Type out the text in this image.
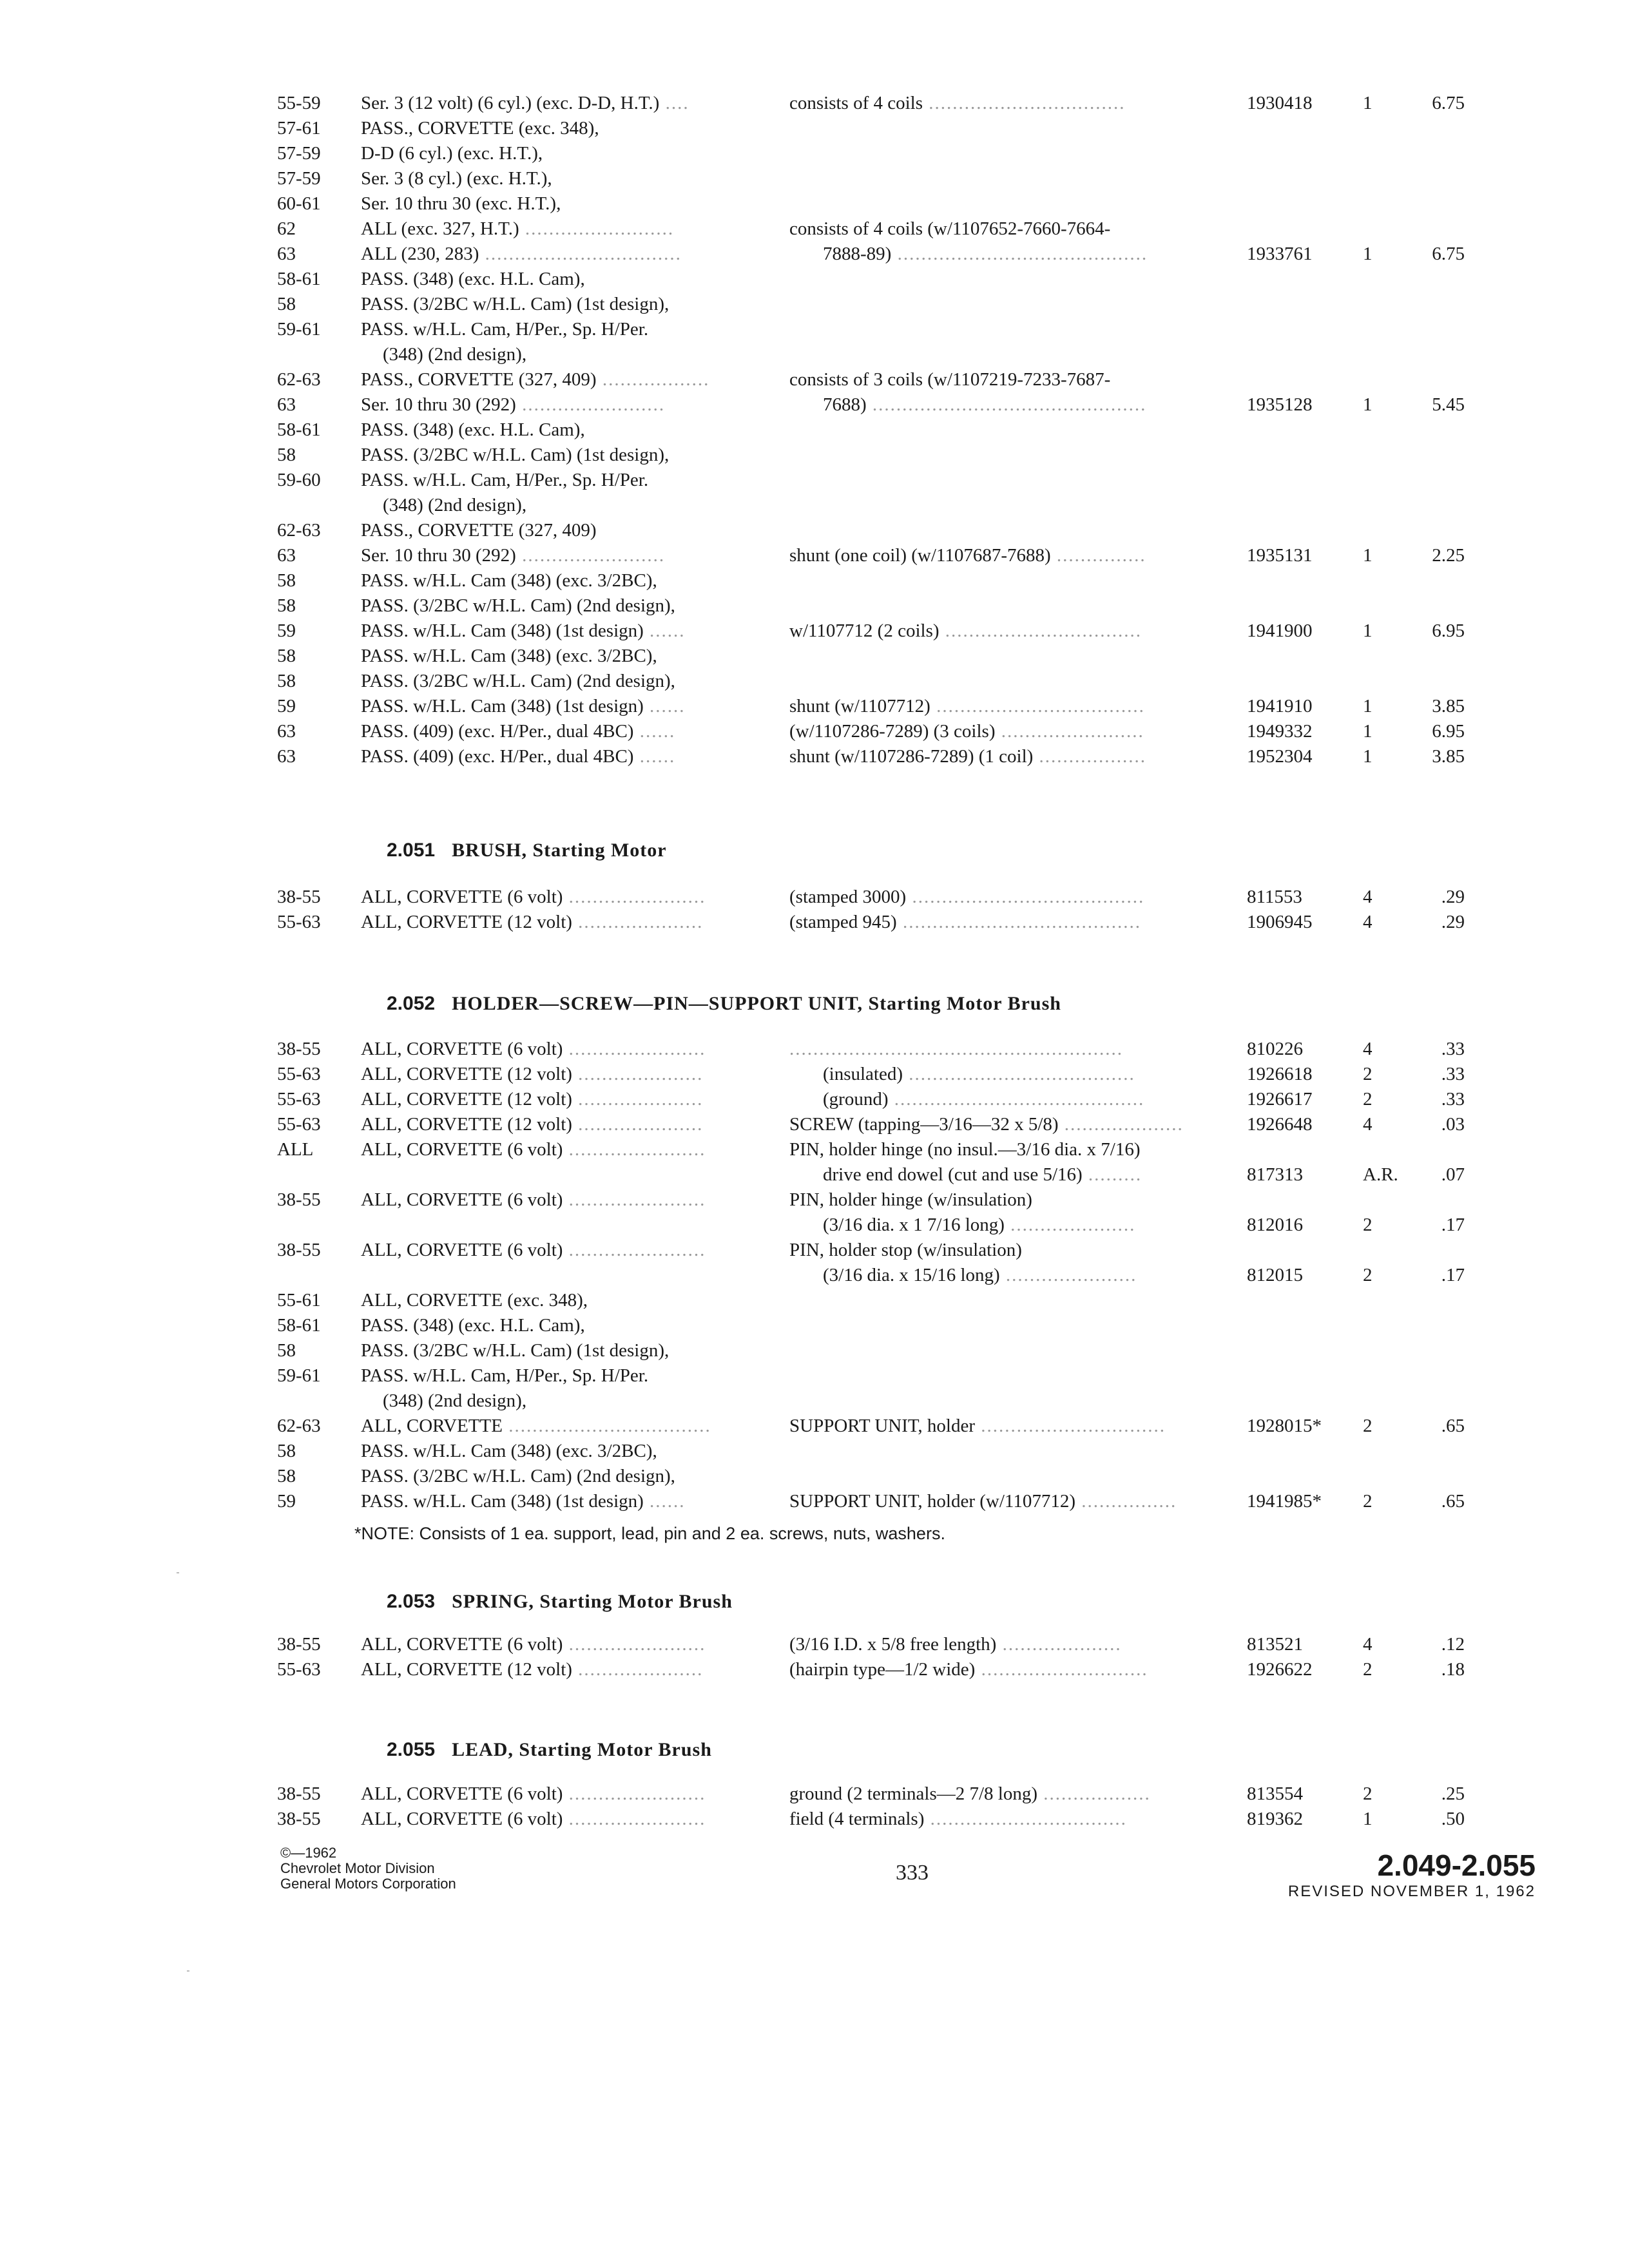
55-59 Ser. 3 (12 volt) (6 cyl.) (exc. D-D, H.T.) ....	consists of 4 coils .................................	1930418	1	6.75
57-61 PASS., CORVETTE (exc. 348),
57-59 D-D (6 cyl.) (exc. H.T.),
57-59 Ser. 3 (8 cyl.) (exc. H.T.),
60-61 Ser. 10 thru 30 (exc. H.T.),
62	ALL (exc. 327, H.T.) .........................	consists of 4 coils (w/1107652-7660-7664-
63	ALL (230, 283) .................................	7888-89) ..........................................	1933761	1	6.75
58-61 PASS. (348) (exc. H.L. Cam),
58	PASS. (3/2BC w/H.L. Cam) (1st design),
59-61 PASS. w/H.L. Cam, H/Per., Sp. H/Per.
(348) (2nd design),
62-63 PASS., CORVETTE (327, 409) ..................	consists of 3 coils (w/1107219-7233-7687-
63	Ser. 10 thru 30 (292) ........................	7688) ..............................................	1935128	1	5.45
58-61 PASS. (348) (exc. H.L. Cam),
58	PASS. (3/2BC w/H.L. Cam) (1st design),
59-60 PASS. w/H.L. Cam, H/Per., Sp. H/Per.
(348) (2nd design),
62-63 PASS., CORVETTE (327, 409)
63	Ser. 10 thru 30 (292) ........................	shunt (one coil) (w/1107687-7688) ...............	1935131	1	2.25
58	PASS. w/H.L. Cam (348) (exc. 3/2BC),
58	PASS. (3/2BC w/H.L. Cam) (2nd design),
59	PASS. w/H.L. Cam (348) (1st design) ......	w/1107712 (2 coils) .................................	1941900	1	6.95
58	PASS. w/H.L. Cam (348) (exc. 3/2BC),
58	PASS. (3/2BC w/H.L. Cam) (2nd design),
59	PASS. w/H.L. Cam (348) (1st design) ......	shunt (w/1107712) ...................................	1941910	1	3.85
63	PASS. (409) (exc. H/Per., dual 4BC) ......	(w/1107286-7289) (3 coils) ........................	1949332	1	6.95
63	PASS. (409) (exc. H/Per., dual 4BC) ......	shunt (w/1107286-7289) (1 coil) ..................	1952304	1	3.85
2.051 BRUSH, Starting Motor
38-55 ALL, CORVETTE (6 volt) .......................	(stamped 3000) .......................................	811553	4	.29
55-63 ALL, CORVETTE (12 volt) .....................	(stamped 945) ........................................	1906945	4	.29
2.052 HOLDER—SCREW—PIN—SUPPORT UNIT, Starting Motor Brush
38-55 ALL, CORVETTE (6 volt) .......................	........................................................	810226	4	.33
55-63 ALL, CORVETTE (12 volt) .....................	(insulated) ......................................	1926618	2	.33
55-63 ALL, CORVETTE (12 volt) .....................	(ground) ..........................................	1926617	2	.33
55-63 ALL, CORVETTE (12 volt) .....................	SCREW (tapping—3/16—32 x 5/8) ....................	1926648	4	.03
ALL	ALL, CORVETTE (6 volt) .......................	PIN, holder hinge (no insul.—3/16 dia. x 7/16)
drive end dowel (cut and use 5/16) .........	817313	A.R. .07
38-55 ALL, CORVETTE (6 volt) .......................	PIN, holder hinge (w/insulation)
(3/16 dia. x 1 7/16 long) .....................	812016	2	.17
38-55 ALL, CORVETTE (6 volt) .......................	PIN, holder stop (w/insulation)
(3/16 dia. x 15/16 long) ......................	812015	2	.17
55-61 ALL, CORVETTE (exc. 348),
58-61 PASS. (348) (exc. H.L. Cam),
58	PASS. (3/2BC w/H.L. Cam) (1st design),
59-61 PASS. w/H.L. Cam, H/Per., Sp. H/Per.
(348) (2nd design),
62-63 ALL, CORVETTE ..................................	SUPPORT UNIT, holder ...............................	1928015* 2	.65
58	PASS. w/H.L. Cam (348) (exc. 3/2BC),
58	PASS. (3/2BC w/H.L. Cam) (2nd design),
59	PASS. w/H.L. Cam (348) (1st design) ......	SUPPORT UNIT, holder (w/1107712) ................	1941985* 2	.65
*NOTE: Consists of 1 ea. support, lead, pin and 2 ea. screws, nuts, washers.
2.053 SPRING, Starting Motor Brush
38-55 ALL, CORVETTE (6 volt) .......................	(3/16 I.D. x 5/8 free length) ....................	813521	4	.12
55-63 ALL, CORVETTE (12 volt) .....................	(hairpin type—1/2 wide) ............................	1926622	2	.18
2.055 LEAD, Starting Motor Brush
38-55 ALL, CORVETTE (6 volt) .......................	ground (2 terminals—2 7/8 long) ..................	813554	2	.25
38-55 ALL, CORVETTE (6 volt) .......................	field (4 terminals) .................................	819362	1	.50
©—1962
Chevrolet Motor Division
General Motors Corporation	333	2.049-2.055
REVISED NOVEMBER 1, 1962
